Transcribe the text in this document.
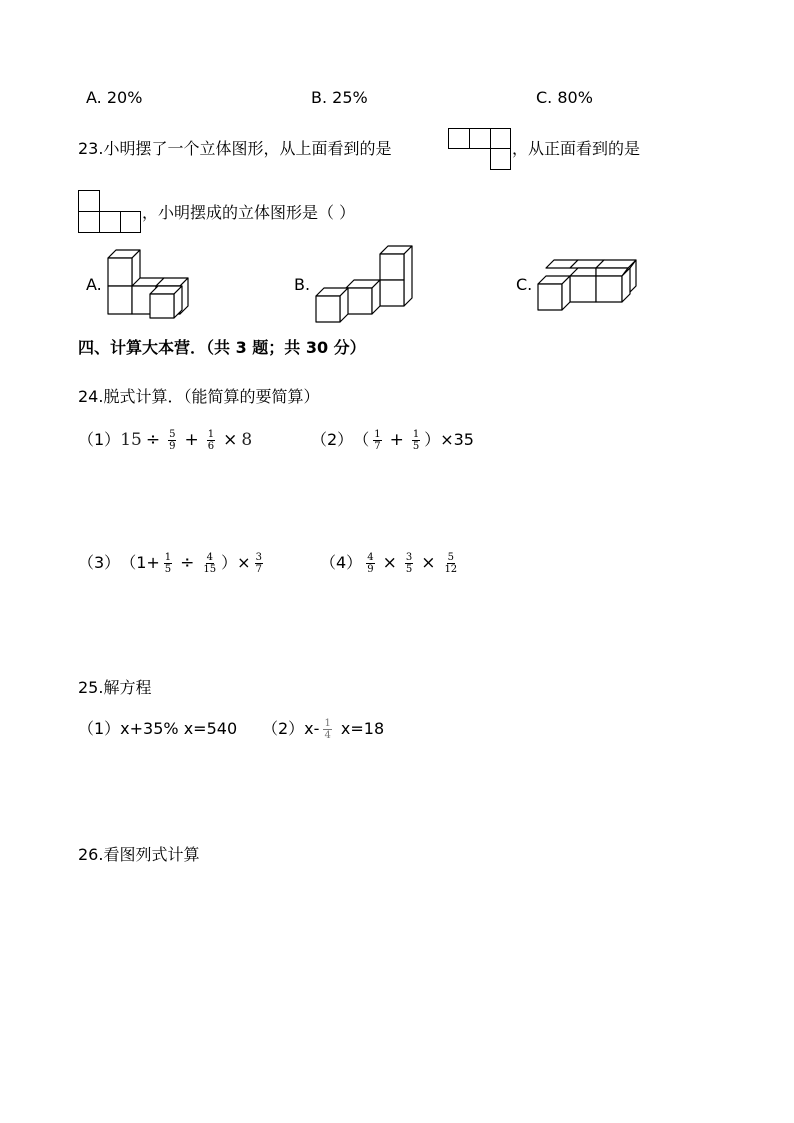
A. 20%	B. 25%	C. 80%
23.小明摆了一个立体图形，从上面看到的是	，从正面看到的是
，小明摆成的立体图形是（ ）
A.	B.	C.
四、计算大本营．（共 3 题；共 30 分）
24.脱式计算．（能简算的要简算）
（1） $15 \div \frac{5}{9} + \frac{1}{6} \times 8$	（2） （ $\frac{1}{7} + \frac{1}{5} )\times 35$
（3） （$1+ \frac{1}{5} \div \frac{4}{15}$ ）× $\frac{3}{7}$	$(4) \frac{4}{9} \times \frac{3}{5} \times \frac{5}{12}$
25.解方程
（1）x+35% x=540 $(2)x- \frac{1}{4} x=18$
26.看图列式计算
